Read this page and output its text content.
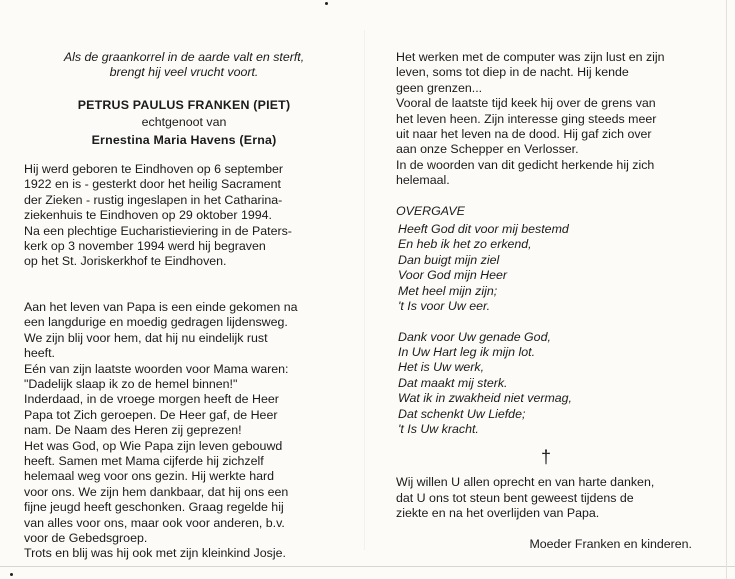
Als de graankorrel in de aarde valt en sterft,
brengt hij veel vrucht voort.
PETRUS PAULUS FRANKEN (PIET)
echtgenoot van
Ernestina Maria Havens (Erna)
Hij werd geboren te Eindhoven op 6 september
1922 en is - gesterkt door het heilig Sacrament
der Zieken - rustig ingeslapen in het Catharina-
ziekenhuis te Eindhoven op 29 oktober 1994.
Na een plechtige Eucharistieviering in de Paters-
kerk op 3 november 1994 werd hij begraven
op het St. Joriskerkhof te Eindhoven.
Aan het leven van Papa is een einde gekomen na
een langdurige en moedig gedragen lijdensweg.
We zijn blij voor hem, dat hij nu eindelijk rust
heeft.
Eén van zijn laatste woorden voor Mama waren:
"Dadelijk slaap ik zo de hemel binnen!"
Inderdaad, in de vroege morgen heeft de Heer
Papa tot Zich geroepen. De Heer gaf, de Heer
nam. De Naam des Heren zij geprezen!
Het was God, op Wie Papa zijn leven gebouwd
heeft. Samen met Mama cijferde hij zichzelf
helemaal weg voor ons gezin. Hij werkte hard
voor ons. We zijn hem dankbaar, dat hij ons een
fijne jeugd heeft geschonken. Graag regelde hij
van alles voor ons, maar ook voor anderen, b.v.
voor de Gebedsgroep.
Trots en blij was hij ook met zijn kleinkind Josje.
Het werken met de computer was zijn lust en zijn
leven, soms tot diep in de nacht. Hij kende
geen grenzen...
Vooral de laatste tijd keek hij over de grens van
het leven heen. Zijn interesse ging steeds meer
uit naar het leven na de dood. Hij gaf zich over
aan onze Schepper en Verlosser.
In de woorden van dit gedicht herkende hij zich
helemaal.
OVERGAVE
Heeft God dit voor mij bestemd
En heb ik het zo erkend,
Dan buigt mijn ziel
Voor God mijn Heer
Met heel mijn zijn;
't Is voor Uw eer.
Dank voor Uw genade God,
In Uw Hart leg ik mijn lot.
Het is Uw werk,
Dat maakt mij sterk.
Wat ik in zwakheid niet vermag,
Dat schenkt Uw Liefde;
't Is Uw kracht.
†
Wij willen U allen oprecht en van harte danken,
dat U ons tot steun bent geweest tijdens de
ziekte en na het overlijden van Papa.
Moeder Franken en kinderen.
